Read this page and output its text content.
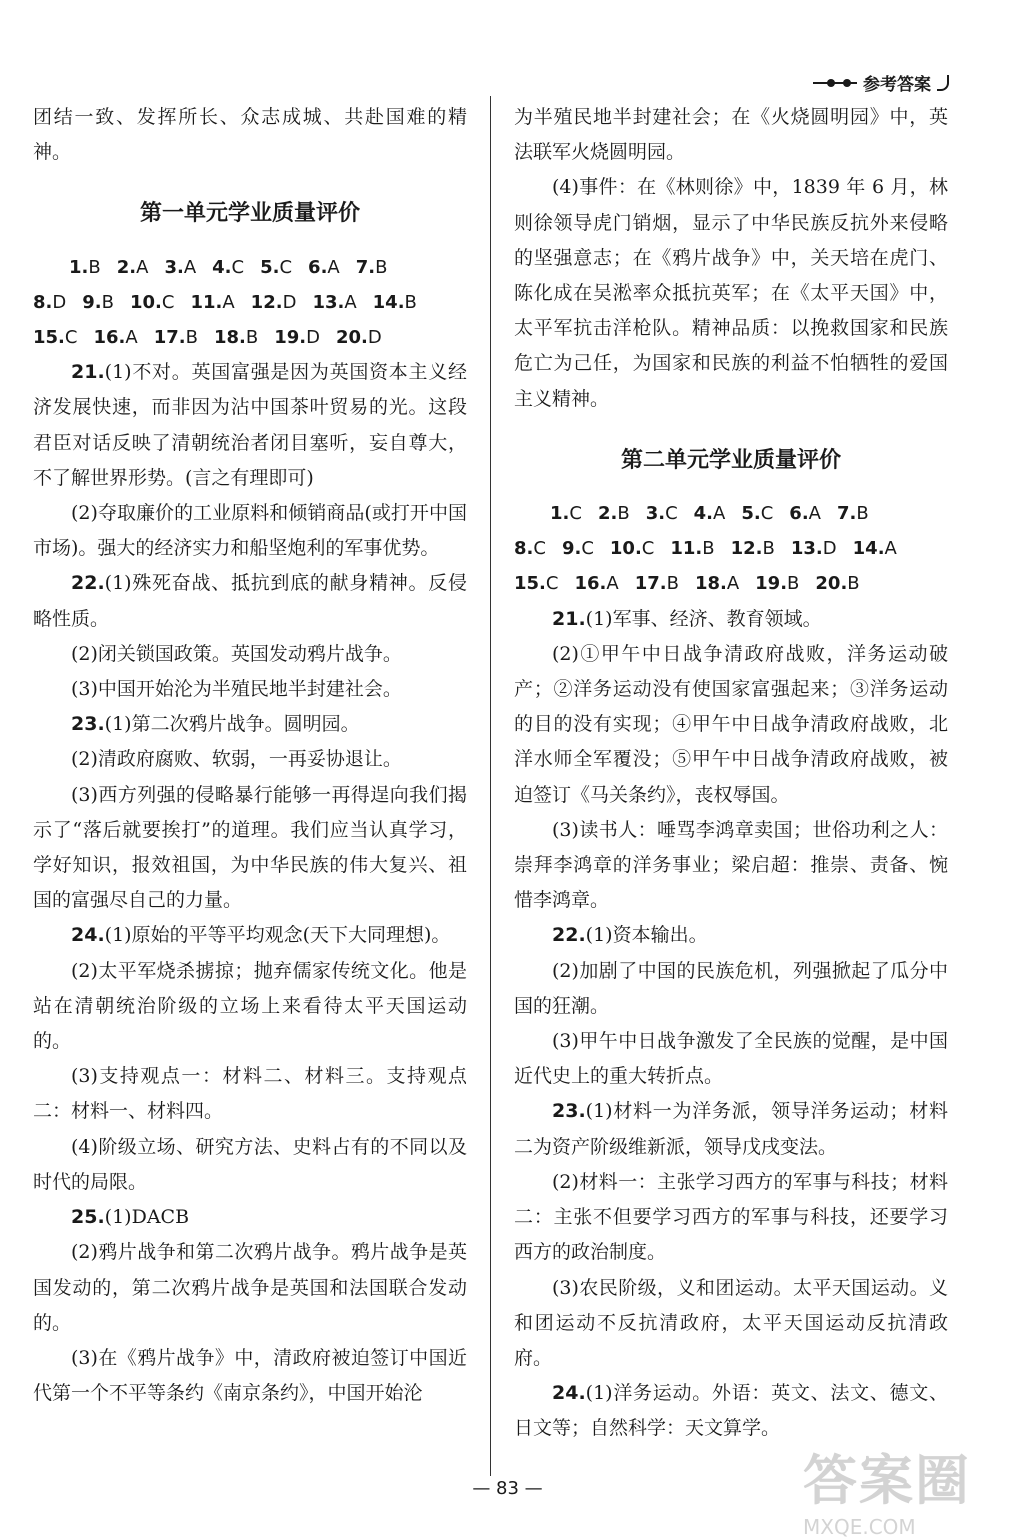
参考答案

团结一致、发挥所长、众志成城、共赴国难的精神。

第一单元学业质量评价
1.B 2.A 3.A 4.C 5.C 6.A 7.B
8.D 9.B 10.C 11.A 12.D 13.A 14.B
15.C 16.A 17.B 18.B 19.D 20.D

21.(1)不对。英国富强是因为英国资本主义经济发展快速，而非因为沾中国茶叶贸易的光。这段君臣对话反映了清朝统治者闭目塞听，妄自尊大，不了解世界形势。(言之有理即可)

(2)夺取廉价的工业原料和倾销商品(或打开中国市场)。强大的经济实力和船坚炮利的军事优势。

22.(1)殊死奋战、抵抗到底的献身精神。反侵略性质。

(2)闭关锁国政策。英国发动鸦片战争。

(3)中国开始沦为半殖民地半封建社会。

23.(1)第二次鸦片战争。圆明园。

(2)清政府腐败、软弱，一再妥协退让。

(3)西方列强的侵略暴行能够一再得逞向我们揭示了“落后就要挨打”的道理。我们应当认真学习，学好知识，报效祖国，为中华民族的伟大复兴、祖国的富强尽自己的力量。

24.(1)原始的平等平均观念(天下大同理想)。

(2)太平军烧杀掳掠；抛弃儒家传统文化。他是站在清朝统治阶级的立场上来看待太平天国运动的。

(3)支持观点一：材料二、材料三。支持观点二：材料一、材料四。

(4)阶级立场、研究方法、史料占有的不同以及时代的局限。

25.(1)DACB

(2)鸦片战争和第二次鸦片战争。鸦片战争是英国发动的，第二次鸦片战争是英国和法国联合发动的。

(3)在《鸦片战争》中，清政府被迫签订中国近代第一个不平等条约《南京条约》，中国开始沦

为半殖民地半封建社会；在《火烧圆明园》中，英法联军火烧圆明园。

(4)事件：在《林则徐》中，1839 年 6 月，林则徐领导虎门销烟，显示了中华民族反抗外来侵略的坚强意志；在《鸦片战争》中，关天培在虎门、陈化成在吴淞率众抵抗英军；在《太平天国》中，太平军抗击洋枪队。精神品质：以挽救国家和民族危亡为己任，为国家和民族的利益不怕牺牲的爱国主义精神。

第二单元学业质量评价
1.C 2.B 3.C 4.A 5.C 6.A 7.B
8.C 9.C 10.C 11.B 12.B 13.D 14.A
15.C 16.A 17.B 18.A 19.B 20.B

21.(1)军事、经济、教育领域。

(2)①甲午中日战争清政府战败，洋务运动破产；②洋务运动没有使国家富强起来；③洋务运动的目的没有实现；④甲午中日战争清政府战败，北洋水师全军覆没；⑤甲午中日战争清政府战败，被迫签订《马关条约》，丧权辱国。

(3)读书人：唾骂李鸿章卖国；世俗功利之人：崇拜李鸿章的洋务事业；梁启超：推崇、责备、惋惜李鸿章。

22.(1)资本输出。

(2)加剧了中国的民族危机，列强掀起了瓜分中国的狂潮。

(3)甲午中日战争激发了全民族的觉醒，是中国近代史上的重大转折点。

23.(1)材料一为洋务派，领导洋务运动；材料二为资产阶级维新派，领导戊戌变法。

(2)材料一：主张学习西方的军事与科技；材料二：主张不但要学习西方的军事与科技，还要学习西方的政治制度。

(3)农民阶级，义和团运动。太平天国运动。义和团运动不反抗清政府，太平天国运动反抗清政府。

24.(1)洋务运动。外语：英文、法文、德文、日文等；自然科学：天文算学。

— 83 —	答案圈
MXQE.COM
